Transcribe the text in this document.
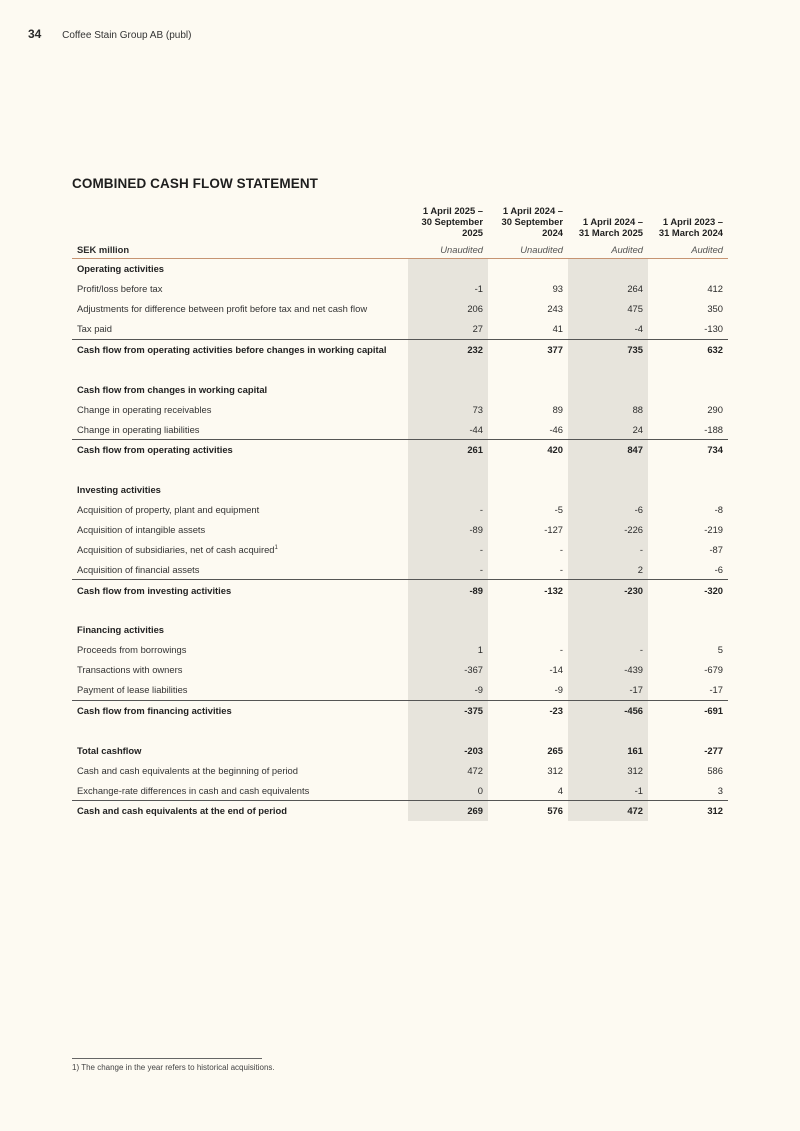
34 Coffee Stain Group AB (publ)
COMBINED CASH FLOW STATEMENT
	1 April 2025 – 30 September 2025	1 April 2024 – 30 September 2024	1 April 2024 – 31 March 2025	1 April 2023 – 31 March 2024
SEK million	Unaudited	Unaudited	Audited	Audited
Operating activities				
Profit/loss before tax	-1	93	264	412
Adjustments for difference between profit before tax and net cash flow	206	243	475	350
Tax paid	27	41	-4	-130
Cash flow from operating activities before changes in working capital	232	377	735	632

Cash flow from changes in working capital				
Change in operating receivables	73	89	88	290
Change in operating liabilities	-44	-46	24	-188
Cash flow from operating activities	261	420	847	734

Investing activities				
Acquisition of property, plant and equipment	-	-5	-6	-8
Acquisition of intangible assets	-89	-127	-226	-219
Acquisition of subsidiaries, net of cash acquired$^1$	-	-	-	-87
Acquisition of financial assets	-	-	2	-6
Cash flow from investing activities	-89	-132	-230	-320

Financing activities				
Proceeds from borrowings	1	-	-	5
Transactions with owners	-367	-14	-439	-679
Payment of lease liabilities	-9	-9	-17	-17
Cash flow from financing activities	-375	-23	-456	-691

Total cashflow	-203	265	161	-277
Cash and cash equivalents at the beginning of period	472	312	312	586
Exchange-rate differences in cash and cash equivalents	0	4	-1	3
Cash and cash equivalents at the end of period	269	576	472	312
1) The change in the year refers to historical acquisitions.
